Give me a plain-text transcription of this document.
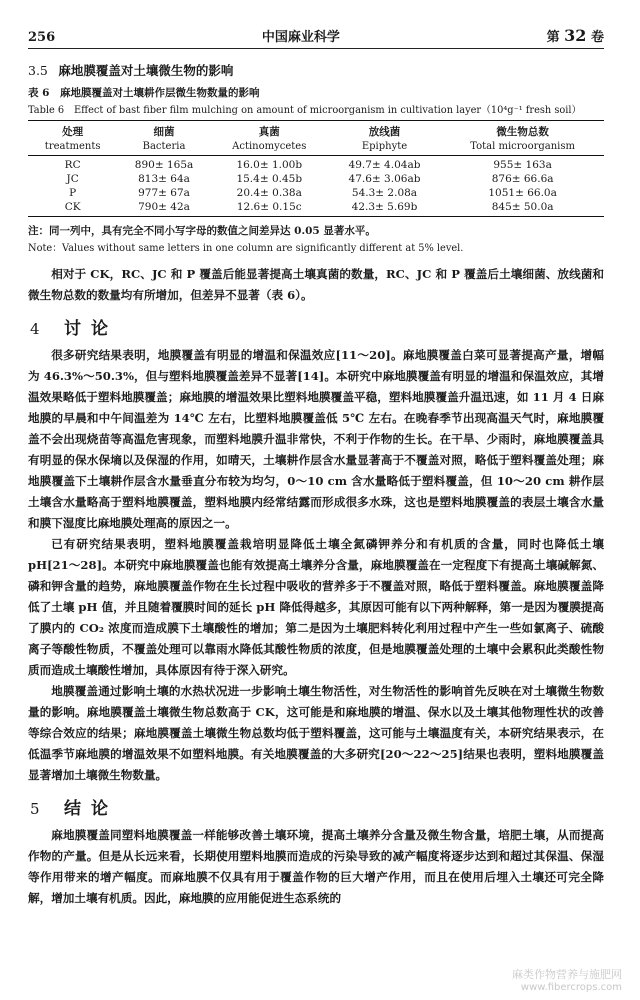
256	中国麻业科学	第 32 卷
3.5 麻地膜覆盖对土壤微生物的影响
表 6　麻地膜覆盖对土壤耕作层微生物数量的影响
Table 6　Effect of bast fiber film mulching on amount of microorganism in cultivation layer（10⁴g⁻¹ fresh soil）
处理	细菌	真菌	放线菌	微生物总数
treatments	Bacteria	Actinomycetes	Epiphyte	Total microorganism
RC	890± 165a	16.0± 1.00b	49.7± 4.04ab	955± 163a
JC	813± 64a	15.4± 0.45b	47.6± 3.06ab	876± 66.6a
P	977± 67a	20.4± 0.38a	54.3± 2.08a	1051± 66.0a
CK	790± 42a	12.6± 0.15c	42.3± 5.69b	845± 50.0a
注：同一列中，具有完全不同小写字母的数值之间差异达 0.05 显著水平。
Note：Values without same letters in one column are significantly different at 5% level.

相对于 CK，RC、JC 和 P 覆盖后能显著提高土壤真菌的数量，RC、JC 和 P 覆盖后土壤细菌、放线菌和微生物总数的数量均有所增加，但差异不显著（表 6）。

4	讨论

很多研究结果表明，地膜覆盖有明显的增温和保温效应[11～20]。麻地膜覆盖白菜可显著提高产量，增幅为 46.3%～50.3%，但与塑料地膜覆盖差异不显著[14]。本研究中麻地膜覆盖有明显的增温和保温效应，其增温效果略低于塑料地膜覆盖；麻地膜的增温效果比塑料地膜覆盖平稳，塑料地膜覆盖升温迅速，如 11 月 4 日麻地膜的早晨和中午间温差为 14℃ 左右，比塑料地膜覆盖低 5℃ 左右。在晚春季节出现高温天气时，麻地膜覆盖不会出现烧苗等高温危害现象，而塑料地膜升温非常快，不利于作物的生长。在干旱、少雨时，麻地膜覆盖具有明显的保水保墒以及保湿的作用，如晴天，土壤耕作层含水量显著高于不覆盖对照，略低于塑料覆盖处理；麻地膜覆盖下土壤耕作层含水量垂直分布较为均匀，0～10 cm 含水量略低于塑料覆盖，但 10～20 cm 耕作层土壤含水量略高于塑料地膜覆盖，塑料地膜内经常结露而形成很多水珠，这也是塑料地膜覆盖的表层土壤含水量和膜下湿度比麻地膜处理高的原因之一。

已有研究结果表明，塑料地膜覆盖栽培明显降低土壤全氮磷钾养分和有机质的含量，同时也降低土壤 pH[21～28]。本研究中麻地膜覆盖也能有效提高土壤养分含量，麻地膜覆盖在一定程度下有提高土壤碱解氮、磷和钾含量的趋势，麻地膜覆盖作物在生长过程中吸收的营养多于不覆盖对照，略低于塑料覆盖。麻地膜覆盖降低了土壤 pH 值，并且随着覆膜时间的延长 pH 降低得越多，其原因可能有以下两种解释，第一是因为覆膜提高了膜内的 CO₂ 浓度而造成膜下土壤酸性的增加；第二是因为土壤肥料转化利用过程中产生一些如氯离子、硫酸离子等酸性物质，不覆盖处理可以靠雨水降低其酸性物质的浓度，但是地膜覆盖处理的土壤中会累积此类酸性物质而造成土壤酸性增加，具体原因有待于深入研究。

地膜覆盖通过影响土壤的水热状况进一步影响土壤生物活性，对生物活性的影响首先反映在对土壤微生物数量的影响。麻地膜覆盖土壤微生物总数高于 CK，这可能是和麻地膜的增温、保水以及土壤其他物理性状的改善等综合效应的结果；麻地膜覆盖土壤微生物总数均低于塑料覆盖，这可能与土壤温度有关，本研究结果表示，在低温季节麻地膜的增温效果不如塑料地膜。有关地膜覆盖的大多研究[20～22～25]结果也表明，塑料地膜覆盖显著增加土壤微生物数量。

5	结论

麻地膜覆盖同塑料地膜覆盖一样能够改善土壤环境，提高土壤养分含量及微生物含量，培肥土壤，从而提高作物的产量。但是从长远来看，长期使用塑料地膜而造成的污染导致的减产幅度将逐步达到和超过其保温、保湿等作用带来的增产幅度。而麻地膜不仅具有用于覆盖作物的巨大增产作用，而且在使用后埋入土壤还可完全降解，增加土壤有机质。因此，麻地膜的应用能促进生态系统的

麻类作物营养与施肥网
www.fibercrops.com
